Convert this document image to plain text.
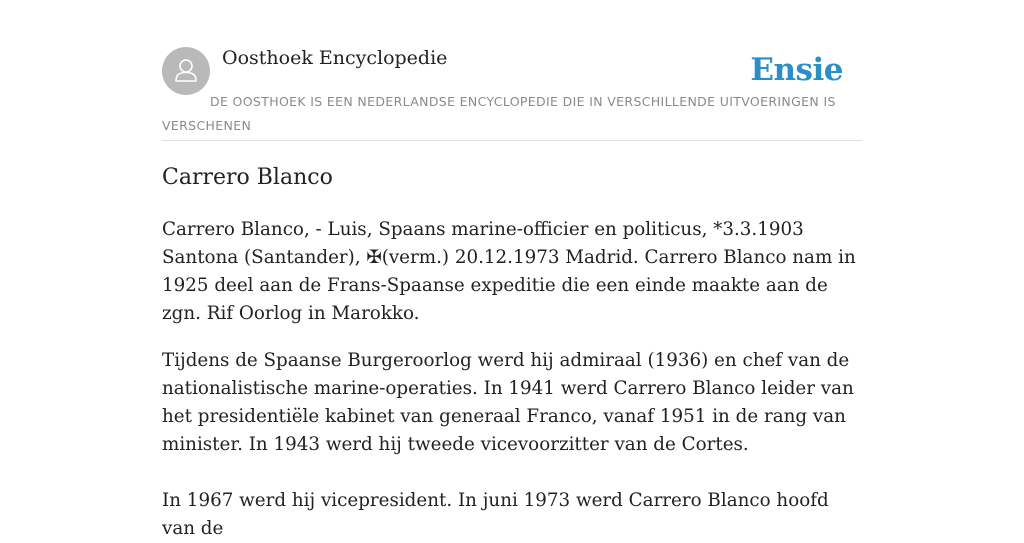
Oosthoek Encyclopedie	Ensie

DE OOSTHOEK IS EEN NEDERLANDSE ENCYCLOPEDIE DIE IN VERSCHILLENDE UITVOERINGEN IS VERSCHENEN

Carrero Blanco

Carrero Blanco, - Luis, Spaans marine-officier en politicus, *3.3.1903 Santona (Santander), ✠(verm.) 20.12.1973 Madrid. Carrero Blanco nam in 1925 deel aan de Frans-Spaanse expeditie die een einde maakte aan de zgn. Rif Oorlog in Marokko.

Tijdens de Spaanse Burgeroorlog werd hij admiraal (1936) en chef van de nationalistische marine-operaties. In 1941 werd Carrero Blanco leider van het presidentiële kabinet van generaal Franco, vanaf 1951 in de rang van minister. In 1943 werd hij tweede vicevoorzitter van de Cortes.

In 1967 werd hij vicepresident. In juni 1973 werd Carrero Blanco hoofd van de
